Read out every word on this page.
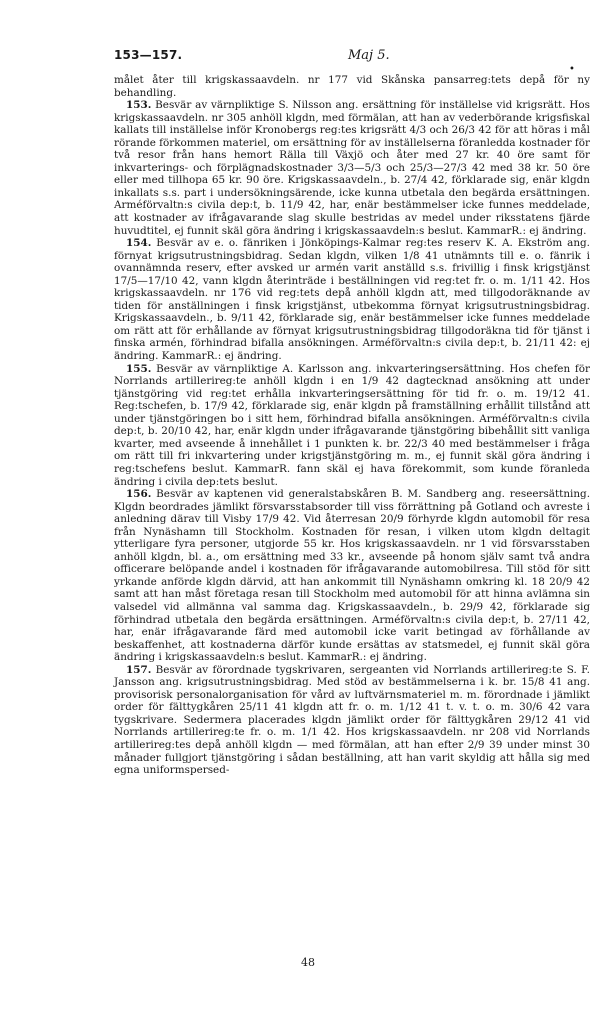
153—157.	Maj 5.
•

målet åter till krigskassaavdeln. nr 177 vid Skånska pansarreg:tets depå för ny behandling.

153. Besvär av värnpliktige S. Nilsson ang. ersättning för inställelse vid krigsrätt. Hos krigskassaavdeln. nr 305 anhöll klgdn, med förmälan, att han av vederbörande krigsfiskal kallats till inställelse inför Kronobergs reg:tes krigsrätt 4/3 och 26/3 42 för att höras i mål rörande förkommen materiel, om ersättning för av inställelserna föranledda kostnader för två resor från hans hemort Rälla till Växjö och åter med 27 kr. 40 öre samt för inkvarterings- och förplägnadskostnader 3/3—5/3 och 25/3—27/3 42 med 38 kr. 50 öre eller med tillhopa 65 kr. 90 öre. Krigskassaavdeln., b. 27/4 42, förklarade sig, enär klgdn inkallats s.s. part i undersökningsärende, icke kunna utbetala den begärda ersättningen. Arméförvaltn:s civila dep:t, b. 11/9 42, har, enär bestämmelser icke funnes meddelade, att kostnader av ifrågavarande slag skulle bestridas av medel under riksstatens fjärde huvudtitel, ej funnit skäl göra ändring i krigskassaavdeln:s beslut. KammarR.: ej ändring.

154. Besvär av e. o. fänriken i Jönköpings-Kalmar reg:tes reserv K. A. Ekström ang. förnyat krigsutrustningsbidrag. Sedan klgdn, vilken 1/8 41 utnämnts till e. o. fänrik i ovannämnda reserv, efter avsked ur armén varit anställd s.s. frivillig i finsk krigstjänst 17/5—17/10 42, vann klgdn återinträde i beställningen vid reg:tet fr. o. m. 1/11 42. Hos krigskassaavdeln. nr 176 vid reg:tets depå anhöll klgdn att, med tillgodoräknande av tiden för anställningen i finsk krigstjänst, utbekomma förnyat krigsutrustningsbidrag. Krigskassaavdeln., b. 9/11 42, förklarade sig, enär bestämmelser icke funnes meddelade om rätt att för erhållande av förnyat krigsutrustningsbidrag tillgodoräkna tid för tjänst i finska armén, förhindrad bifalla ansökningen. Arméförvaltn:s civila dep:t, b. 21/11 42: ej ändring. KammarR.: ej ändring.

155. Besvär av värnpliktige A. Karlsson ang. inkvarteringsersättning. Hos chefen för Norrlands artillerireg:te anhöll klgdn i en 1/9 42 dagtecknad ansökning att under tjänstgöring vid reg:tet erhålla inkvarteringsersättning för tid fr. o. m. 19/12 41. Reg:tschefen, b. 17/9 42, förklarade sig, enär klgdn på framställning erhållit tillstånd att under tjänstgöringen bo i sitt hem, förhindrad bifalla ansökningen. Arméförvaltn:s civila dep:t, b. 20/10 42, har, enär klgdn under ifrågavarande tjänstgöring bibehållit sitt vanliga kvarter, med avseende å innehållet i 1 punkten k. br. 22/3 40 med bestämmelser i fråga om rätt till fri inkvartering under krigstjänstgöring m. m., ej funnit skäl göra ändring i reg:tschefens beslut. KammarR. fann skäl ej hava förekommit, som kunde föranleda ändring i civila dep:tets beslut.

156. Besvär av kaptenen vid generalstabskåren B. M. Sandberg ang. reseersättning. Klgdn beordrades jämlikt försvarsstabsorder till viss förrättning på Gotland och avreste i anledning därav till Visby 17/9 42. Vid återresan 20/9 förhyrde klgdn automobil för resa från Nynäshamn till Stockholm. Kostnaden för resan, i vilken utom klgdn deltagit ytterligare fyra personer, utgjorde 55 kr. Hos krigskassaavdeln. nr 1 vid försvarsstaben anhöll klgdn, bl. a., om ersättning med 33 kr., avseende på honom själv samt två andra officerare belöpande andel i kostnaden för ifrågavarande automobilresa. Till stöd för sitt yrkande anförde klgdn därvid, att han ankommit till Nynäshamn omkring kl. 18 20/9 42 samt att han måst företaga resan till Stockholm med automobil för att hinna avlämna sin valsedel vid allmänna val samma dag. Krigskassaavdeln., b. 29/9 42, förklarade sig förhindrad utbetala den begärda ersättningen. Arméförvaltn:s civila dep:t, b. 27/11 42, har, enär ifrågavarande färd med automobil icke varit betingad av förhållande av beskaffenhet, att kostnaderna därför kunde ersättas av statsmedel, ej funnit skäl göra ändring i krigskassaavdeln:s beslut. KammarR.: ej ändring.

157. Besvär av förordnade tygskrivaren, sergeanten vid Norrlands artillerireg:te S. F. Jansson ang. krigsutrustningsbidrag. Med stöd av bestämmelserna i k. br. 15/8 41 ang. provisorisk personalorganisation för vård av luftvärnsmateriel m. m. förordnade i jämlikt order för fälttygkåren 25/11 41 klgdn att fr. o. m. 1/12 41 t. v. t. o. m. 30/6 42 vara tygskrivare. Sedermera placerades klgdn jämlikt order för fälttygkåren 29/12 41 vid Norrlands artillerireg:te fr. o. m. 1/1 42. Hos krigskassaavdeln. nr 208 vid Norrlands artillerireg:tes depå anhöll klgdn — med förmälan, att han efter 2/9 39 under minst 30 månader fullgjort tjänstgöring i sådan beställning, att han varit skyldig att hålla sig med egna uniformspersed-

48
